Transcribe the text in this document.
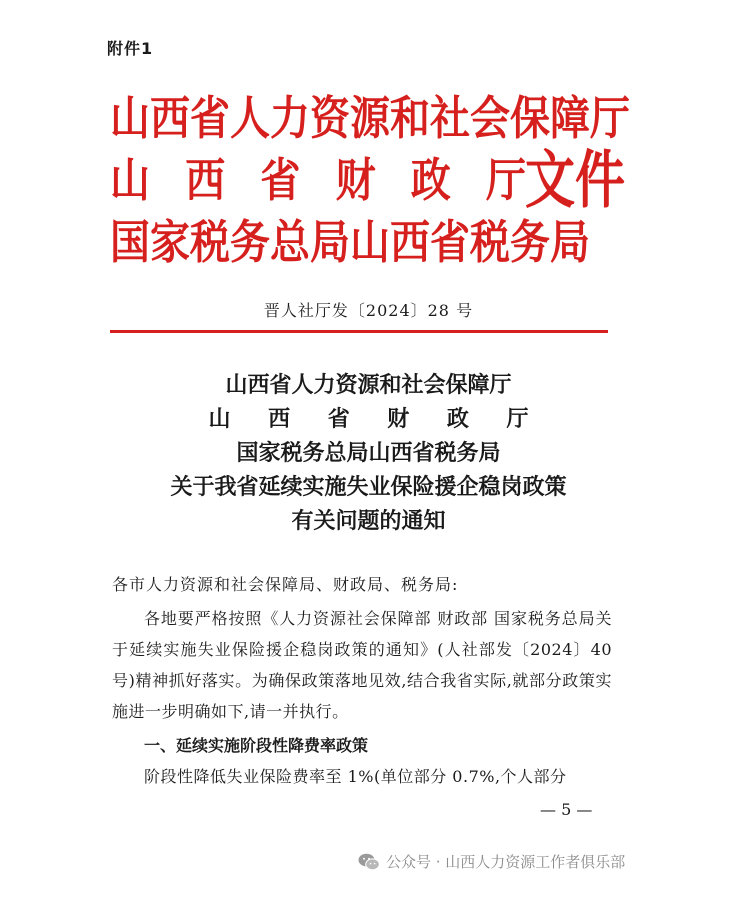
附件1
山西省人力资源和社会保障厅
山 西 省 财 政 厅
国家税务总局山西省税务局
文件
晋人社厅发〔2024〕28 号
山西省人力资源和社会保障厅
山 西 省 财 政 厅
国家税务总局山西省税务局
关于我省延续实施失业保险援企稳岗政策
有关问题的通知
各市人力资源和社会保障局、财政局、税务局:
各地要严格按照《人力资源社会保障部 财政部 国家税务总局关于延续实施失业保险援企稳岗政策的通知》(人社部发〔2024〕40 号)精神抓好落实。为确保政策落地见效,结合我省实际,就部分政策实施进一步明确如下,请一并执行。
一、延续实施阶段性降费率政策
阶段性降低失业保险费率至 1%(单位部分 0.7%,个人部分
— 5 —
公众号 · 山西人力资源工作者俱乐部
